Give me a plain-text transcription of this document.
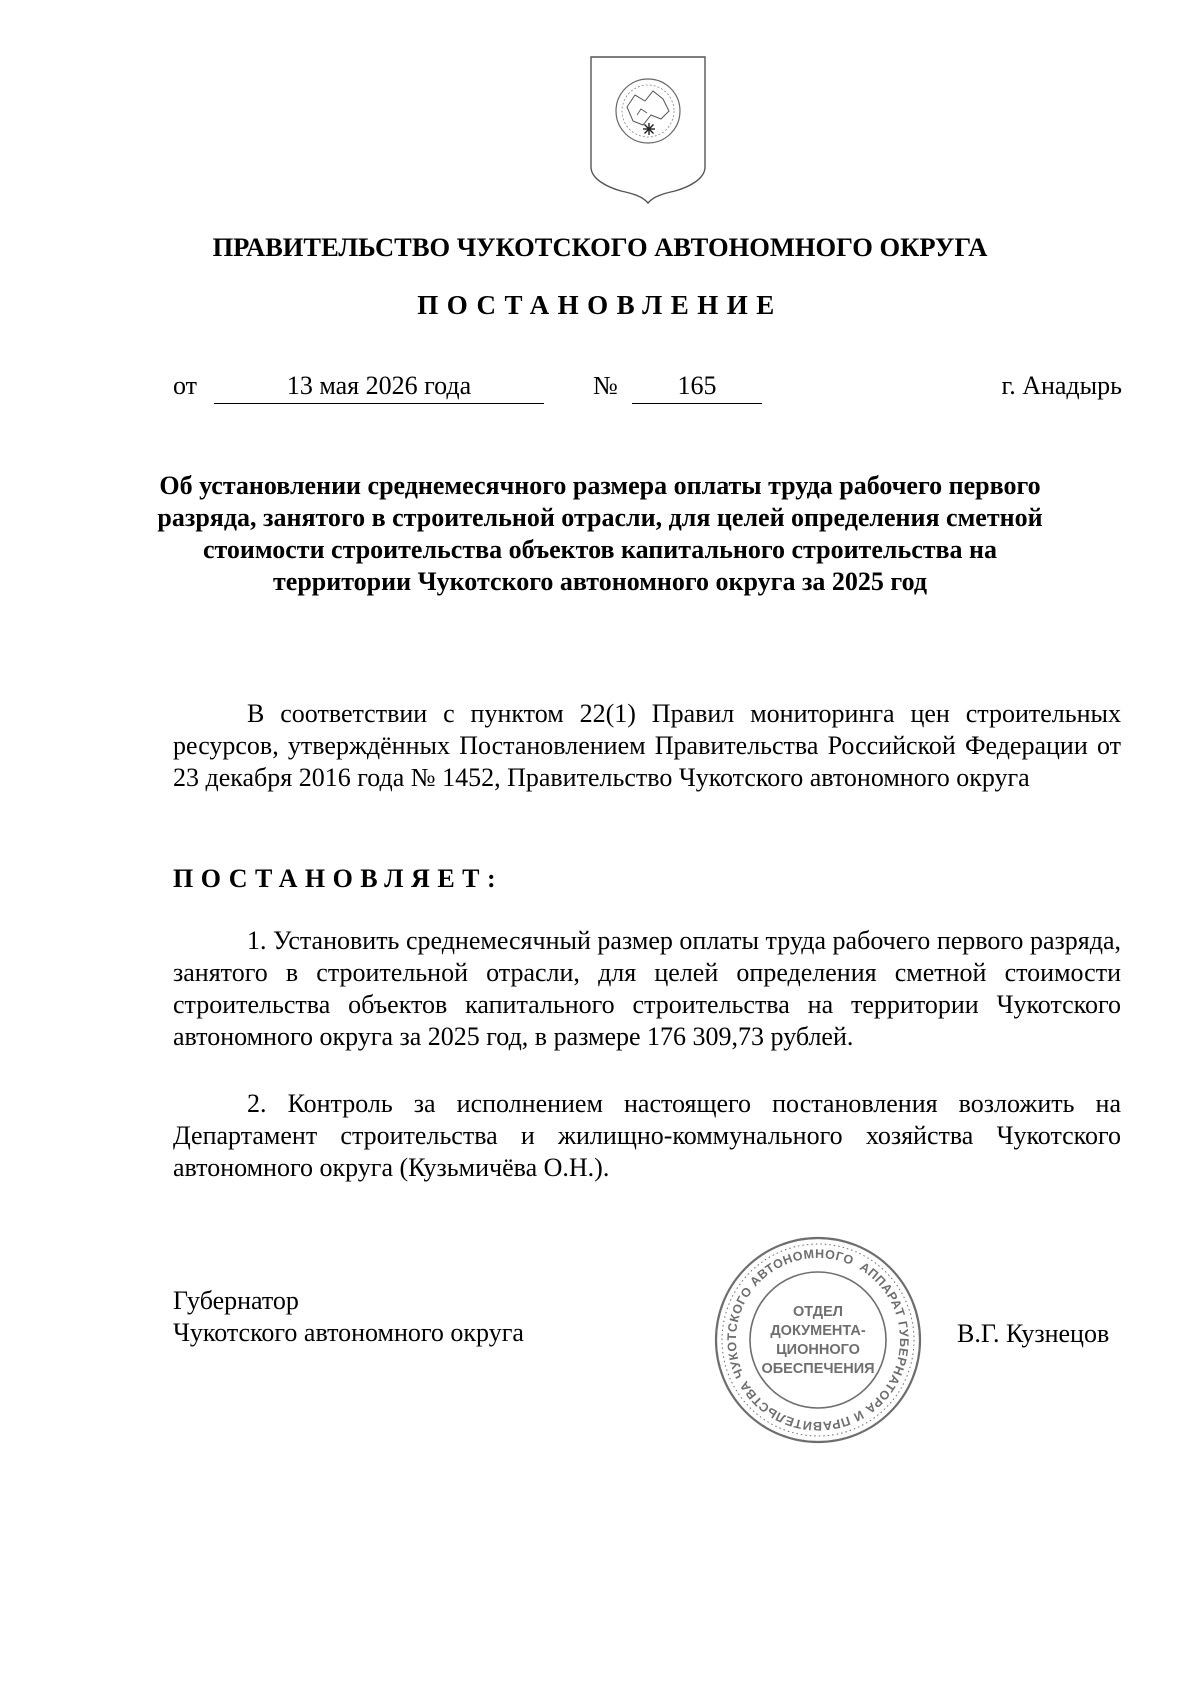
ПРАВИТЕЛЬСТВО ЧУКОТСКОГО АВТОНОМНОГО ОКРУГА
ПОСТАНОВЛЕНИЕ
от	13 мая 2026 года	№	165	г. Анадырь
Об установлении среднемесячного размера оплаты труда рабочего первого разряда, занятого в строительной отрасли, для целей определения сметной стоимости строительства объектов капитального строительства на территории Чукотского автономного округа за 2025 год

В соответствии с пунктом 22(1) Правил мониторинга цен строительных ресурсов, утверждённых Постановлением Правительства Российской Федерации от 23 декабря 2016 года № 1452, Правительство Чукотского автономного округа

ПОСТАНОВЛЯЕТ:

1. Установить среднемесячный размер оплаты труда рабочего первого разряда, занятого в строительной отрасли, для целей определения сметной стоимости строительства объектов капитального строительства на территории Чукотского автономного округа за 2025 год, в размере 176 309,73 рублей.

2. Контроль за исполнением настоящего постановления возложить на Департамент строительства и жилищно-коммунального хозяйства Чукотского автономного округа (Кузьмичёва О.Н.).

Губернатор
Чукотского автономного округа
АППАРАТ ГУБЕРНАТОРА И ПРАВИТЕЛЬСТВА ЧУКОТСКОГО АВТОНОМНОГО
ОТДЕЛ
ДОКУМЕНТА-
ЦИОННОГО
ОБЕСПЕЧЕНИЯ
В.Г. Кузнецов
